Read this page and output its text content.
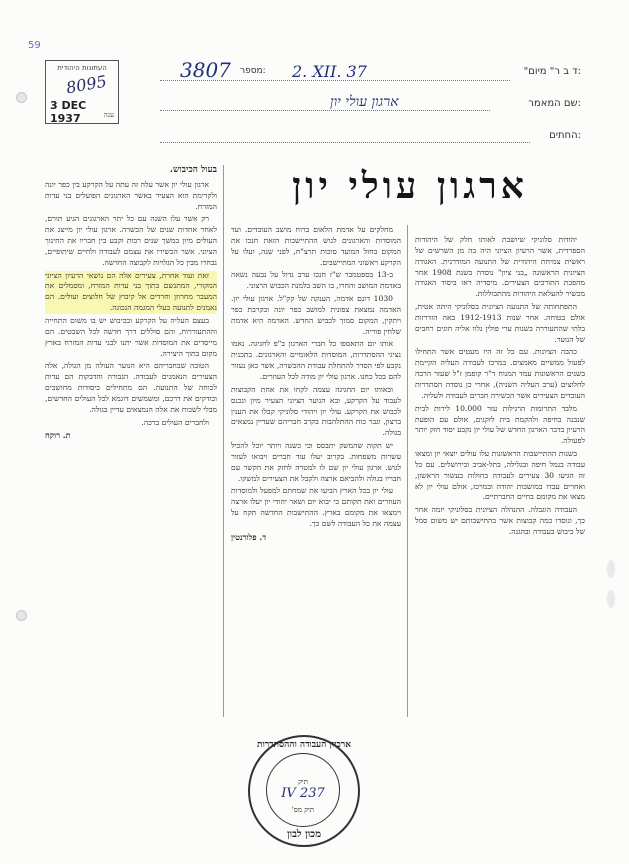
59
העתונות היהודית
8095
3 DEC 1937	ענה
"ד ב ר" מיום:
2. XII. 37
מספר:
3807
שם המאמר:
ארגון עולי יון
החתים:
ארגון עולי יון

יהודות סלוניקי שיושבת לאותו חלק של היהודות הספרדית, אשר הרעיון הציוני היה בה מן השרשים של ראשית צמיחת היהודית של התנועה המודרנית. האגודה הציונית הראשונה „בני ציון" נוסדה בשנת 1908 אחר מהפכת התורכים הצעירים. מיסדיה ראו ביסוד האגודה מכשיר להעלאת היהודות מהתבוללות.

התפתחותה של התנועה הציונית בסלוניקי היתה אטית, אולם בטוחה. אחר שנות 1912-1913 באה הזדרזות בלתי שהתעוררה בשנות ערי פולין נלוו אליה חוגים רחבים של הנוער.

כהבה הציונות. עם כל זה היו מעטים אשר התחילו לפעול ממשיים מאמצים. במרכז לעבודה העליה הקיימת בשנים הראשונות עמד המנוח ד"ר קופמן ז"ל שעזר הרבה לחלוצים (ערב העליה השניה), אחרי כן נוסדה הסתדרות העובדים הצעירים אשר הכשירה חברים לעבודה ולעליה.

מלבד התרומות הרגילות עזר 10.000 לירות לבית שנבנה בחיפה ולהקמת בית לזקנים, אולם עם הופעת הרעיון בדבר הארגון החדש של עולי יון נקבע יסוד חזק יותר לפעולה.

בשנות ההתיישבות הראשונות עלו עולים יוצאי יון ומצאו עבודה בנמל חיפה ובגלילה, בתל-אביב ובירושלים. עם כל זה הגיעו 30 צעירים לעבודה בחולות בעשור הראשון, ואחרים עבדו במושבות יהודה ובמרכז, אולם עולי יון לא מצאו את מקומם בחיים החברתיים.

העבודה הוגבלה. ההנהלה הציונית בסלוניקי יזמה אחר כך, ונוסדו כמה קבוצות אשר בהתישבותם יש משום סמל של כיבוש בעבודה ובהגנה.

מחלקים על אדמת הלאום ברוח מושב העובדים. ועד המוסדות והארגונים לגוש ההתיישבות הזאת חנכו את המקום בחול המועד סוכות תרצ"ח, לפני שנה, ועלו על הקרקע ראשוני המתיישבים.

ב-13 בספטמבר ש"ז חנכו ערב גדול על נבעה נשאה באדמת המושב והחרו, בו השב בלמנת הכבוש הרצוני.

1030 דונם אדמה, הענקה של קק"ל. ארגון עולי יון. האדמה נמצאת צפונית למושב כפר יונה ובקרבת כפר ויתקין, המקום סמוך לכביש החדש. האדמה היא אדמת שלחין פוריה.

אותו יום התאספו כל חברי הארגון ב"פ לחגיגה. נאמו נציגי ההסתדרות, המוסדות הלאומיים והארגונים. בתכנית נקבע לפי הסדר להתחלת עבודת ההכשרה, אשר כאן נעזור להם בכל כחנו. ארגון עולי יון מודה לכל העוזרים.

ובאותו יום החגיגה עצמה לקחו את אחת הקבוצות לעבוד על הקרקע, ובא הנוער הציוני הצעיר מיון ונכנס לכבוש את הקרקע. עולי יון ויהודי סלוניקי קבלו את הענין ברצון, וגבר כוח ההתלהבות בקרב חבריהם שעדיין נמצאים בגולה.

יש תקוה שהמשק יתבסס וכי כשנה ויותר יוכל להכיל עשרות משפחות. בקרוב יעלו עוד חברים ויבואו לעזור לגוש. ארגון עולי יון שם לו למטרה לחזק את הקשר עם חבריו בגולה ולהביאם ארצה ולקבל את הצעירים למשקו.

עולי יון בכל הארץ הביעו את שמחתם למפעל ולמוסדות העוזרים ואת תקותם כי יבוא יום ושאר יהודי יון יעלו ארצה וימצאו את מקומם בארץ. ההתישבות החדשה תקח על עצמה את כל העבודה לשם כך.

ד. פלורנטין
בעול הכיבוש.

ארגון עולי יון אשר עלה זה עתה על הקרקע בין כפר יונה ולקרימת הוא הצעיר באשר הארגונים הפועלים בני עדות המזרח.

רק אשר עלו השנה עם כל יתר הארגונים הגיע תורם, לאחר אחדות שנים של הכשרה. ארגון עולי יון מייצג את העולים מיון במשך שנים רבות וקבע בין חבריו את החינוך הציוני. אשר הכשירו את עצמם לעבודה ולחיים שיתופיים, נבחרו מבין כל הגלויות לקבוצה החדשה.

זאת ועוד אחרת, צעירים אלה הם נושאי הרעיון הציוני המקורי, המתגשם בתוך בני עדות המזרח, ומסמלים את המעבר מחרוזן וחרדים אל קיבוץ של חלוצים ועולים. הם נאמנים לתנועה בעלי המגמה הנכונה.

בעצם העליה על הקרקע ובכיבוש יש בו משום התחייה וההתעוררות, והם סוללים דרך חדשה לכל השבטים. הם מייסדים את המוסדות אשר יתנו לבני עדות המזרח בארץ מקום בתוך היצירה.

הטובה שבחבריהם היא הנוער העולה מן הגולה, אלה הצעירים הנאמנים לעבודה. הגבורה והדבקות הם עדות לכוחה של התנועה. הם מתחילים ביסודות מחושבים ובודקים את דרכם, ומשמשים דוגמא לכל העולים החדשים, מבלי לשכוח את אלה הנמצאים עדיין בגולה.

ולחברים העולים ברכה.

ת. רוקח
ארכיון העבודה וההסתדרות
תיק
IV 237
תיק מס'
מכון לבון
